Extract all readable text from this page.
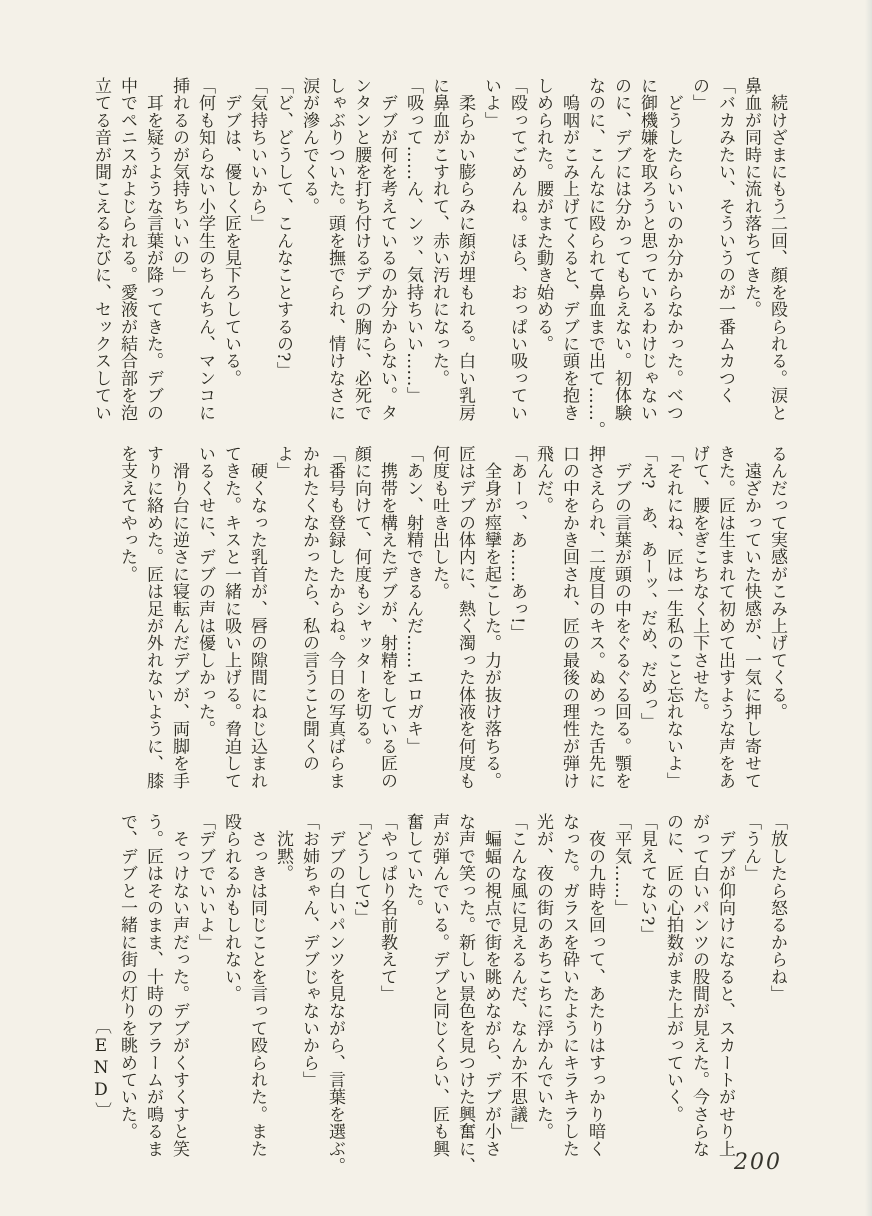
　続けざまにもう二回、顔を殴られる。涙と
鼻血が同時に流れ落ちてきた。
「バカみたい、そういうのが一番ムカつく
の」
　どうしたらいいのか分からなかった。べつ
に御機嫌を取ろうと思っているわけじゃない
のに、デブには分かってもらえない。初体験
なのに、こんなに殴られて鼻血まで出て……。
　嗚咽がこみ上げてくると、デブに頭を抱き
しめられた。腰がまた動き始める。
「殴ってごめんね。ほら、おっぱい吸ってい
いよ」
　柔らかい膨らみに顔が埋もれる。白い乳房
に鼻血がこすれて、赤い汚れになった。
「吸って……ん、ンッ、気持ちいい……」
　デブが何を考えているのか分からない。タ
ンタンと腰を打ち付けるデブの胸に、必死で
しゃぶりついた。頭を撫でられ、情けなさに
涙が滲んでくる。
「ど、どうして、こんなことするの?」
「気持ちいいから」
　デブは、優しく匠を見下ろしている。
「何も知らない小学生のちんちん、マンコに
挿れるのが気持ちいいの」
　耳を疑うような言葉が降ってきた。デブの
中でペニスがよじられる。愛液が結合部を泡
立てる音が聞こえるたびに、セックスしてい
るんだって実感がこみ上げてくる。
　遠ざかっていた快感が、一気に押し寄せて
きた。匠は生まれて初めて出すような声をあ
げて、腰をぎこちなく上下させた。
「それにね、匠は一生私のこと忘れないよ」
「え?　あ、あーッ、だめ、だめっ」
　デブの言葉が頭の中をぐるぐる回る。顎を
押さえられ、二度目のキス。ぬめった舌先に
口の中をかき回され、匠の最後の理性が弾け
飛んだ。
「あーっ、あ……あっ!」
　全身が痙攣を起こした。力が抜け落ちる。
匠はデブの体内に、熱く濁った体液を何度も
何度も吐き出した。
「あン、射精できるんだ……エロガキ」
　携帯を構えたデブが、射精をしている匠の
顔に向けて、何度もシャッターを切る。
「番号も登録したからね。今日の写真ばらま
かれたくなかったら、私の言うこと聞くの
よ」
　硬くなった乳首が、唇の隙間にねじ込まれ
てきた。キスと一緒に吸い上げる。脅迫して
いるくせに、デブの声は優しかった。
　滑り台に逆さに寝転んだデブが、両脚を手
すりに絡めた。匠は足が外れないように、膝
を支えてやった。
「放したら怒るからね」
「うん」
　デブが仰向けになると、スカートがせり上
がって白いパンツの股間が見えた。今さらな
のに、匠の心拍数がまた上がっていく。
「見えてない?」
「平気……」
　夜の九時を回って、あたりはすっかり暗く
なった。ガラスを砕いたようにキラキラした
光が、夜の街のあちこちに浮かんでいた。
「こんな風に見えるんだ、なんか不思議」
　蝙蝠の視点で街を眺めながら、デブが小さ
な声で笑った。新しい景色を見つけた興奮に、
声が弾んでいる。デブと同じくらい、匠も興
奮していた。
「やっぱり名前教えて」
「どうして?」
　デブの白いパンツを見ながら、言葉を選ぶ。
「お姉ちゃん、デブじゃないから」
　沈黙。
　さっきは同じことを言って殴られた。また
殴られるかもしれない。
「デブでいいよ」
　そっけない声だった。デブがくすくすと笑
う。匠はそのまま、十時のアラームが鳴るま
で、デブと一緒に街の灯りを眺めていた。
〔END〕
200
